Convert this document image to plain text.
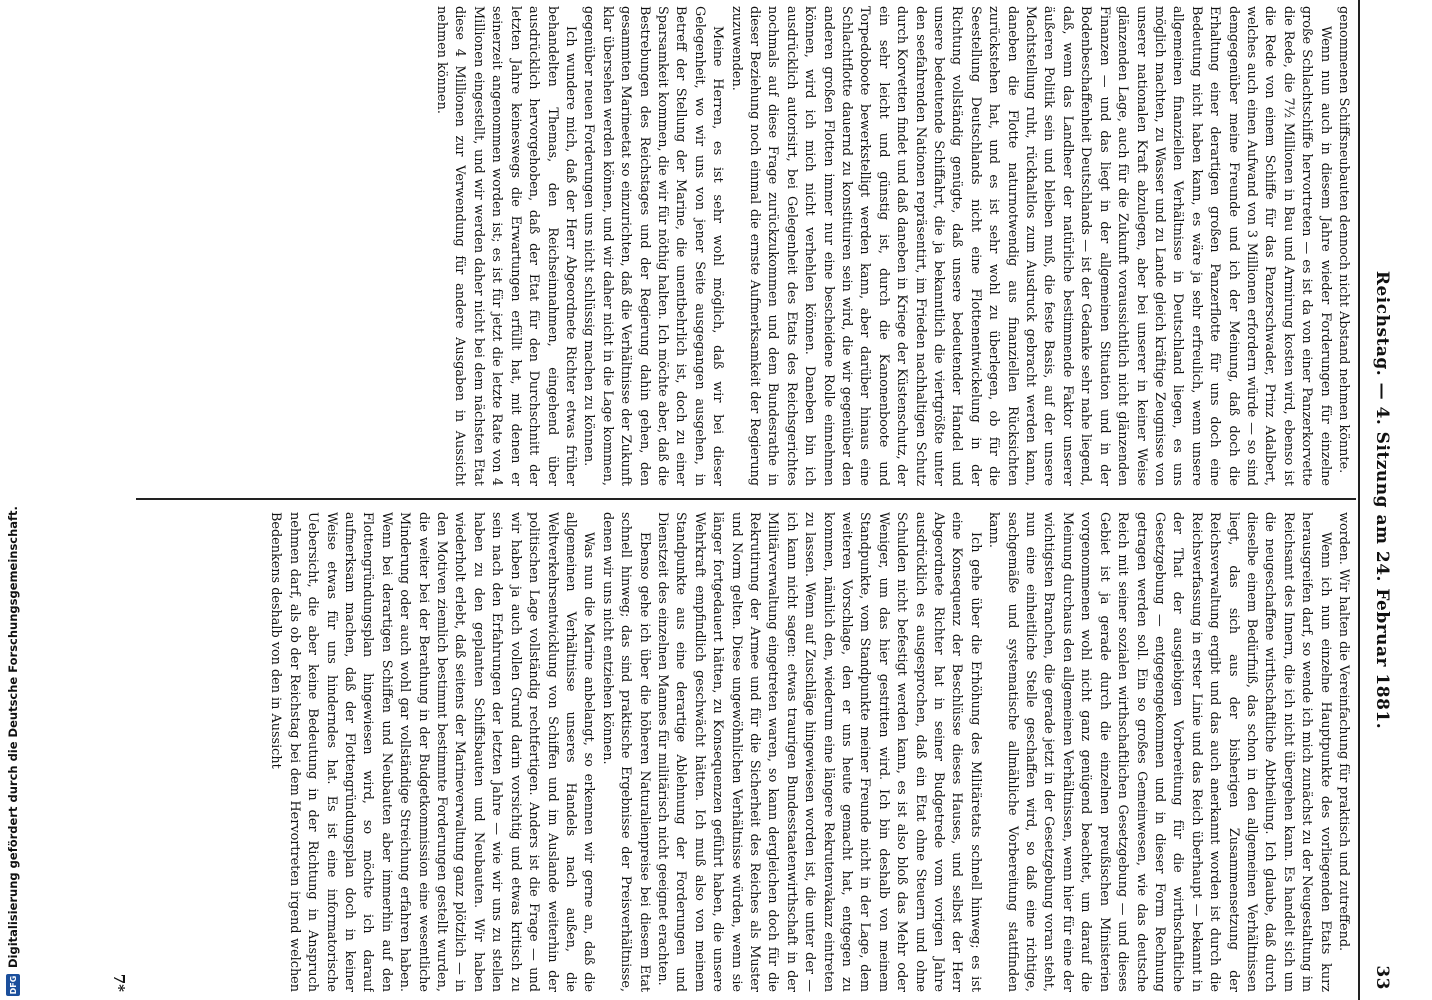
Reichstag. — 4. Sitzung am 24. Februar 1881.
33

genommenen Schiffsneubauten dennoch nicht Abstand nehmen könnte.

Wenn nun auch in diesem Jahre wieder Forderungen für einzelne große Schlachtschiffe hervortreten — es ist da von einer Panzerkorvette die Rede, die 7½ Millionen in Bau und Armirung kosten wird, ebenso ist die Rede von einem Schiffe für das Panzerschwader, Prinz Adalbert, welches auch einen Aufwand von 3 Millionen erfordern würde — so sind demgegenüber meine Freunde und ich der Meinung, daß doch die Erhaltung einer derartigen großen Panzerflotte für uns doch eine Bedeutung nicht haben kann, es wäre ja sehr erfreulich, wenn unsere allgemeinen finanziellen Verhältnisse in Deutschland liegen, es uns möglich machten, zu Wasser und zu Lande gleich kräftige Zeugnisse von unserer nationalen Kraft abzulegen, aber bei unserer in keiner Weise glänzenden Lage, auch für die Zukunft voraussichtlich nicht glänzenden Finanzen — und das liegt in der allgemeinen Situation und in der Bodenbeschaffenheit Deutschlands — ist der Gedanke sehr nahe liegend, daß, wenn das Landheer der natürliche bestimmende Faktor unserer äußeren Politik sein und bleiben muß, die feste Basis, auf der unsere Machtstellung ruht, rückhaltlos zum Ausdruck gebracht werden kann, daneben die Flotte naturnotwendig aus finanziellen Rücksichten zurückstehen hat, und es ist sehr wohl zu überlegen, ob für die Seestellung Deutschlands nicht eine Flottenentwickelung in der Richtung vollständig genügte, daß unsere bedeutender Handel und unsere bedeutende Schiffahrt, die ja bekanntlich die viertgrößte unter den seefahrenden Nationen repräsentirt, im Frieden nachhaltigen Schutz durch Korvetten findet und daß daneben in Kriege der Küstenschutz, der ein sehr leicht und günstig ist, durch die Kanonenboote und Torpedoboote bewerkstelligt werden kann, aber darüber hinaus eine Schlachtflotte dauernd zu konstituiren sein wird, die wir gegenüber den anderen großen Flotten immer nur eine bescheidene Rolle einnehmen können, wird ich mich nicht verhehlen können. Daneben bin ich ausdrücklich autorisirt, bei Gelegenheit des Etats des Reichsgerichtes nochmals auf diese Frage zurückzukommen und dem Bundesrathe in dieser Beziehung noch einmal die ernste Aufmerksamkeit der Regierung zuzuwenden.

Meine Herren, es ist sehr wohl möglich, daß wir bei dieser Gelegenheit, wo wir uns von jener Seite ausgegangen ausgehen, in Betreff der Stellung der Marine, die unentbehrlich ist, doch zu einer Sparsamkeit kommen, die wir für nöthig halten. Ich möchte aber, daß die Bestrebungen des Reichstages und der Regierung dahin gehen, den gesammten Marineetat so einzurichten, daß die Verhältnisse der Zukunft klar übersehen werden können, und wir daher nicht in die Lage kommen, gegenüber neuen Forderungen uns nicht schlüssig machen zu können.

Ich wundere mich, daß der Herr Abgeordnete Richter etwas früher behandelten Themas, den Reichseinnahmen, eingehend über ausdrücklich hervorgehoben, daß der Etat für den Durchschnitt der letzten Jahre keineswegs die Erwartungen erfüllt hat, mit denen er seinerzeit angenommen worden ist; es ist für jetzt die letzte Rate von 4 Millionen eingestellt, und wir werden daher nicht bei dem nächsten Etat diese 4 Millionen zur Verwendung für andere Ausgaben in Aussicht nehmen können.

worden. Wir halten die Vereinfachung für praktisch und zutreffend.

Wenn ich nun einzelne Hauptpunkte des vorliegenden Etats kurz herausgreifen darf, so wende ich mich zunächst zu der Neugestaltung im Reichsamt des Innern, die ich nicht übergehen kann. Es handelt sich um die neugeschaffene wirthschaftliche Abtheilung. Ich glaube, daß durch dieselbe einem Bedürfniß, das schon in den allgemeinen Verhältnissen liegt, das sich aus der bisherigen Zusammensetzung der Reichsverwaltung ergibt und das auch anerkannt worden ist durch die Reichsverfassung in erster Linie und das Reich überhaupt — bekannt in der That der ausgiebigen Vorbereitung für die wirthschaftliche Gesetzgebung — entgegengekommen und in dieser Form Rechnung getragen werden soll. Ein so großes Gemeinwesen, wie das deutsche Reich mit seiner sozialen wirthschaftlichen Gesetzgebung — und dieses Gebiet ist ja gerade durch die einzelnen preußischen Ministerien vorgenommenen wohl nicht ganz genügend beachtet, um darauf die Meinung durchaus den allgemeinen Verhältnissen, wenn hier für eine der wichtigsten Branchen, die gerade jetzt in der Gesetzgebung voran steht, nun eine einheitliche Stelle geschaffen wird, so daß eine richtige, sachgemäße und systematische allmähliche Vorbereitung stattfinden kann.

Ich gehe über die Erhöhung des Militäretats schnell hinweg; es ist eine Konsequenz der Beschlüsse dieses Hauses, und selbst der Herr Abgeordnete Richter hat in seiner Budgetrede vom vorigen Jahre ausdrücklich es ausgesprochen, daß ein Etat ohne Steuern und ohne Schulden nicht befestigt werden kann, es ist also bloß das Mehr oder Weniger, um das hier gestritten wird. Ich bin deshalb von meinem Standpunkte, vom Standpunkte meiner Freunde nicht in der Lage, dem weiteren Vorschlage, den er uns heute gemacht hat, entgegen zu kommen, nämlich den, wiederum eine längere Rekrutenvakanz eintreten zu lassen. Wenn auf Zuschläge hingewiesen worden ist, die unter der — ich kann nicht sagen: etwas traurigen Bundesstaatenwirthschaft in der Militärverwaltung eingetreten waren, so kann dergleichen doch für die Rekrutirung der Armee und für die Sicherheit des Reiches als Muster und Norm gelten. Diese ungewöhnlichen Verhältnisse würden, wenn sie länger fortgedauert hätten, zu Konsequenzen geführt haben, die unsere Wehrkraft empfindlich geschwächt hätten. Ich muß also von meinem Standpunkte aus eine derartige Ablehnung der Forderungen und Dienstzeit des einzelnen Mannes für militärisch nicht geeignet erachten.

Ebenso gehe ich über die höheren Naturalienpreise bei diesem Etat schnell hinweg; das sind praktische Ergebnisse der Preisverhältnisse, denen wir uns nicht entziehen können.

Was nun die Marine anbelangt, so erkennen wir gerne an, daß die allgemeinen Verhältnisse unseres Handels nach außen, die Weltverkehrsentwicklung von Schiffen und im Auslande weiterhin der politischen Lage vollständig rechtfertigen. Anders ist die Frage — und wir haben ja auch vollen Grund darin vorsichtig und etwas kritisch zu sein nach den Erfahrungen der letzten Jahre — wie wir uns zu stellen haben zu den geplanten Schiffsbauten und Neubauten. Wir haben wiederholt erlebt, daß seitens der Marineverwaltung ganz plötzlich — in den Motiven ziemlich bestimmt bestimmte Forderungen gestellt wurden, die weiter bei der Berathung in der Budgetkommission eine wesentliche Minderung oder auch wohl gar vollständige Streichung erfahren haben. Wenn bei derartigen Schiffen und Neubauten aber immerhin auf den Flottengründungsplan hingewiesen wird, so möchte ich darauf aufmerksam machen, daß der Flottengründungsplan doch in keiner Weise etwas für uns hinderndes hat. Es ist eine informatorische Uebersicht, die aber keine Bedeutung in der Richtung in Anspruch nehmen darf, als ob der Reichstag bei dem Hervortreten irgend welchen Bedenkens deshalb von den in Aussicht

7*
DFG
Digitalisierung gefördert durch die Deutsche Forschungsgemeinschaft.
